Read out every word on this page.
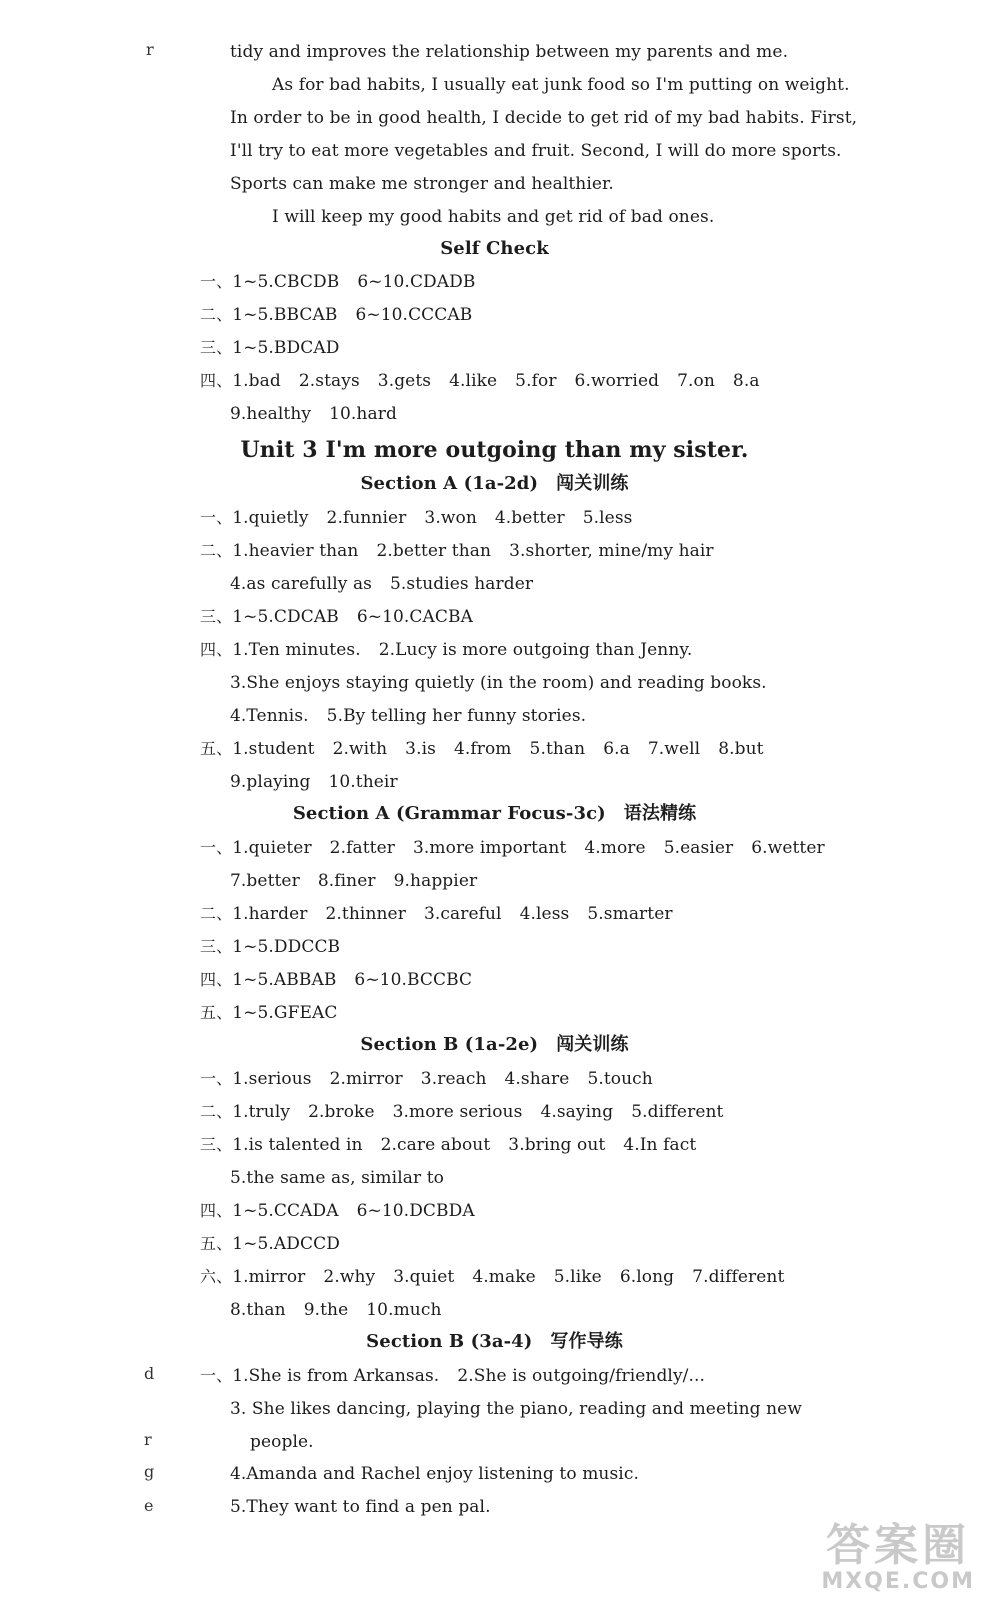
r
d
r
g
e
tidy and improves the relationship between my parents and me.
As for bad habits, I usually eat junk food so I'm putting on weight.
In order to be in good health, I decide to get rid of my bad habits. First,
I'll try to eat more vegetables and fruit. Second, I will do more sports.
Sports can make me stronger and healthier.
I will keep my good habits and get rid of bad ones.
Self Check
一、1~5.CBCDB 6~10.CDADB
二、1~5.BBCAB 6~10.CCCAB
三、1~5.BDCAD
四、1.bad 2.stays 3.gets 4.like 5.for 6.worried 7.on 8.a
9.healthy 10.hard
Unit 3 I'm more outgoing than my sister.
Section A (1a-2d) 闯关训练
一、1.quietly 2.funnier 3.won 4.better 5.less
二、1.heavier than 2.better than 3.shorter, mine/my hair
4.as carefully as 5.studies harder
三、1~5.CDCAB 6~10.CACBA
四、1.Ten minutes. 2.Lucy is more outgoing than Jenny.
3.She enjoys staying quietly (in the room) and reading books.
4.Tennis. 5.By telling her funny stories.
五、1.student 2.with 3.is 4.from 5.than 6.a 7.well 8.but
9.playing 10.their
Section A (Grammar Focus-3c) 语法精练
一、1.quieter 2.fatter 3.more important 4.more 5.easier 6.wetter
7.better 8.finer 9.happier
二、1.harder 2.thinner 3.careful 4.less 5.smarter
三、1~5.DDCCB
四、1~5.ABBAB 6~10.BCCBC
五、1~5.GFEAC
Section B (1a-2e) 闯关训练
一、1.serious 2.mirror 3.reach 4.share 5.touch
二、1.truly 2.broke 3.more serious 4.saying 5.different
三、1.is talented in 2.care about 3.bring out 4.In fact
5.the same as, similar to
四、1~5.CCADA 6~10.DCBDA
五、1~5.ADCCD
六、1.mirror 2.why 3.quiet 4.make 5.like 6.long 7.different
8.than 9.the 10.much
Section B (3a-4) 写作导练
一、1.She is from Arkansas. 2.She is outgoing/friendly/...
3. She likes dancing, playing the piano, reading and meeting new
people.
4.Amanda and Rachel enjoy listening to music.
5.They want to find a pen pal.
答案圈
MXQE.COM
